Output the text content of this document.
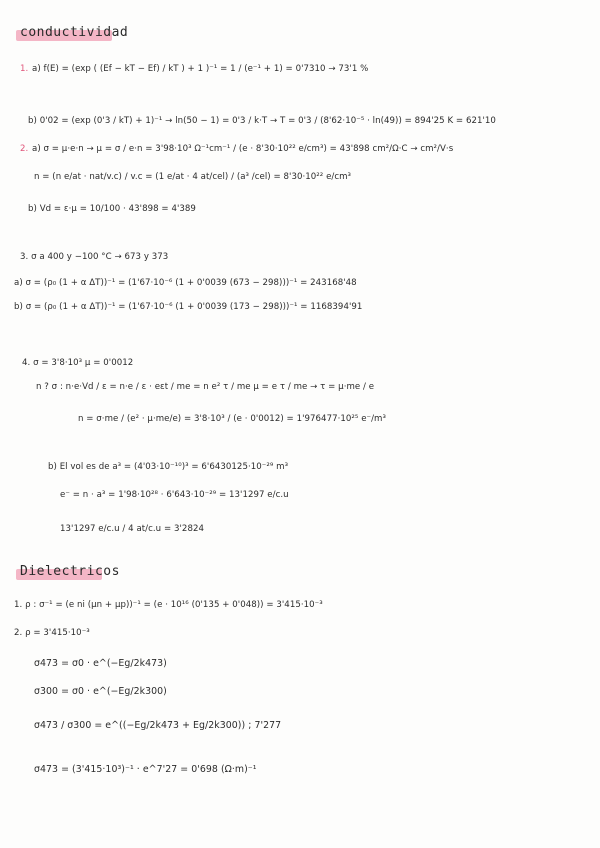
conductividad
1. a) f(E) = (exp ( (Ef − kT − Ef) / kT ) + 1 )⁻¹ = 1 / (e⁻¹ + 1) = 0'7310 → 73'1 %
b) 0'02 = (exp (0'3 / kT) + 1)⁻¹ → ln(50 − 1) = 0'3 / k·T → T = 0'3 / (8'62·10⁻⁵ · ln(49)) = 894'25 K = 621'10
2. a) σ = μ·e·n → μ = σ / e·n = 3'98·10³ Ω⁻¹cm⁻¹ / (e · 8'30·10²² e/cm³) = 43'898 cm²/Ω·C → cm²/V·s
n = (n e/at · nat/v.c) / v.c = (1 e/at · 4 at/cel) / (a³ /cel) = 8'30·10²² e/cm³
b) Vd = ε·μ = 10/100 · 43'898 = 4'389
3. σ a 400 y −100 °C → 673 y 373
a) σ = (ρ₀ (1 + α ΔT))⁻¹ = (1'67·10⁻⁶ (1 + 0'0039 (673 − 298)))⁻¹ = 243168'48
b) σ = (ρ₀ (1 + α ΔT))⁻¹ = (1'67·10⁻⁶ (1 + 0'0039 (173 − 298)))⁻¹ = 1168394'91
4. σ = 3'8·10³ μ = 0'0012
n ? σ : n·e·Vd / ε = n·e / ε · eεt / me = n e² τ / me μ = e τ / me → τ = μ·me / e
n = σ·me / (e² · μ·me/e) = 3'8·10³ / (e · 0'0012) = 1'976477·10²⁵ e⁻/m³
b) El vol es de a³ = (4'03·10⁻¹⁰)³ = 6'6430125·10⁻²⁹ m³
e⁻ = n · a³ = 1'98·10²⁸ · 6'643·10⁻²⁹ = 13'1297 e/c.u
13'1297 e/c.u / 4 at/c.u = 3'2824
Dielectricos
1. ρ : σ⁻¹ = (e ni (μn + μp))⁻¹ = (e · 10¹⁶ (0'135 + 0'048)) = 3'415·10⁻³
2. ρ = 3'415·10⁻³
σ473 = σ0 · e^(−Eg/2k473)
σ300 = σ0 · e^(−Eg/2k300)
σ473 / σ300 = e^((−Eg/2k473 + Eg/2k300)) ; 7'277
σ473 = (3'415·10³)⁻¹ · e^7'27 = 0'698 (Ω·m)⁻¹
